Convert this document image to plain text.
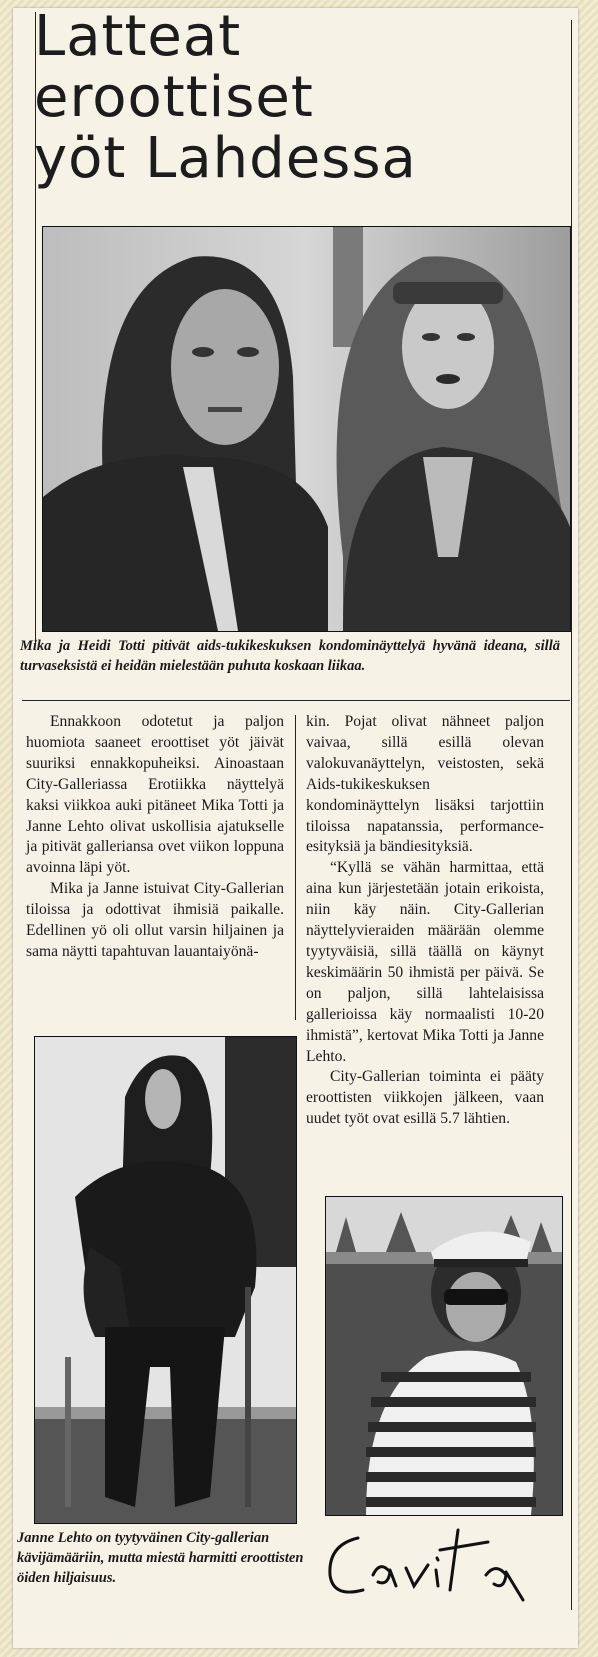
Latteat
eroottiset
yöt Lahdessa
Mika ja Heidi Totti pitivät aids-tukikeskuksen kondominäyttelyä hyvänä ideana, sillä turvaseksistä ei heidän mielestään puhuta koskaan liikaa.

Ennakkoon odotetut ja paljon huomiota saaneet eroottiset yöt jäivät suuriksi ennakkopuheiksi. Ainoastaan City-Galleriassa Erotiikka näyttelyä kaksi viikkoa auki pitäneet Mika Totti ja Janne Lehto olivat uskollisia ajatukselle ja pitivät galleriansa ovet viikon loppuna avoinna läpi yöt.

Mika ja Janne istuivat City-Gallerian tiloissa ja odottivat ihmisiä paikalle. Edellinen yö oli ollut varsin hiljainen ja sama näytti tapahtuvan lauantaiyönä-

kin. Pojat olivat nähneet paljon vaivaa, sillä esillä olevan valokuvanäyttelyn, veistosten, sekä Aids-tukikeskuksen kondominäyttelyn lisäksi tarjottiin tiloissa napatanssia, performance-esityksiä ja bändiesityksiä.

“Kyllä se vähän harmittaa, että aina kun järjestetään jotain erikoista, niin käy näin. City-Gallerian näyttelyvieraiden määrään olemme tyytyväisiä, sillä täällä on käynyt keskimäärin 50 ihmistä per päivä. Se on paljon, sillä lahtelaisissa gallerioissa käy normaalisti 10-20 ihmistä”, kertovat Mika Totti ja Janne Lehto.

City-Gallerian toiminta ei pääty eroottisten viikkojen jälkeen, vaan uudet työt ovat esillä 5.7 lähtien.

Janne Lehto on tyytyväinen City-gallerian kävijämääriin, mutta miestä harmitti eroottisten öiden hiljaisuus.
